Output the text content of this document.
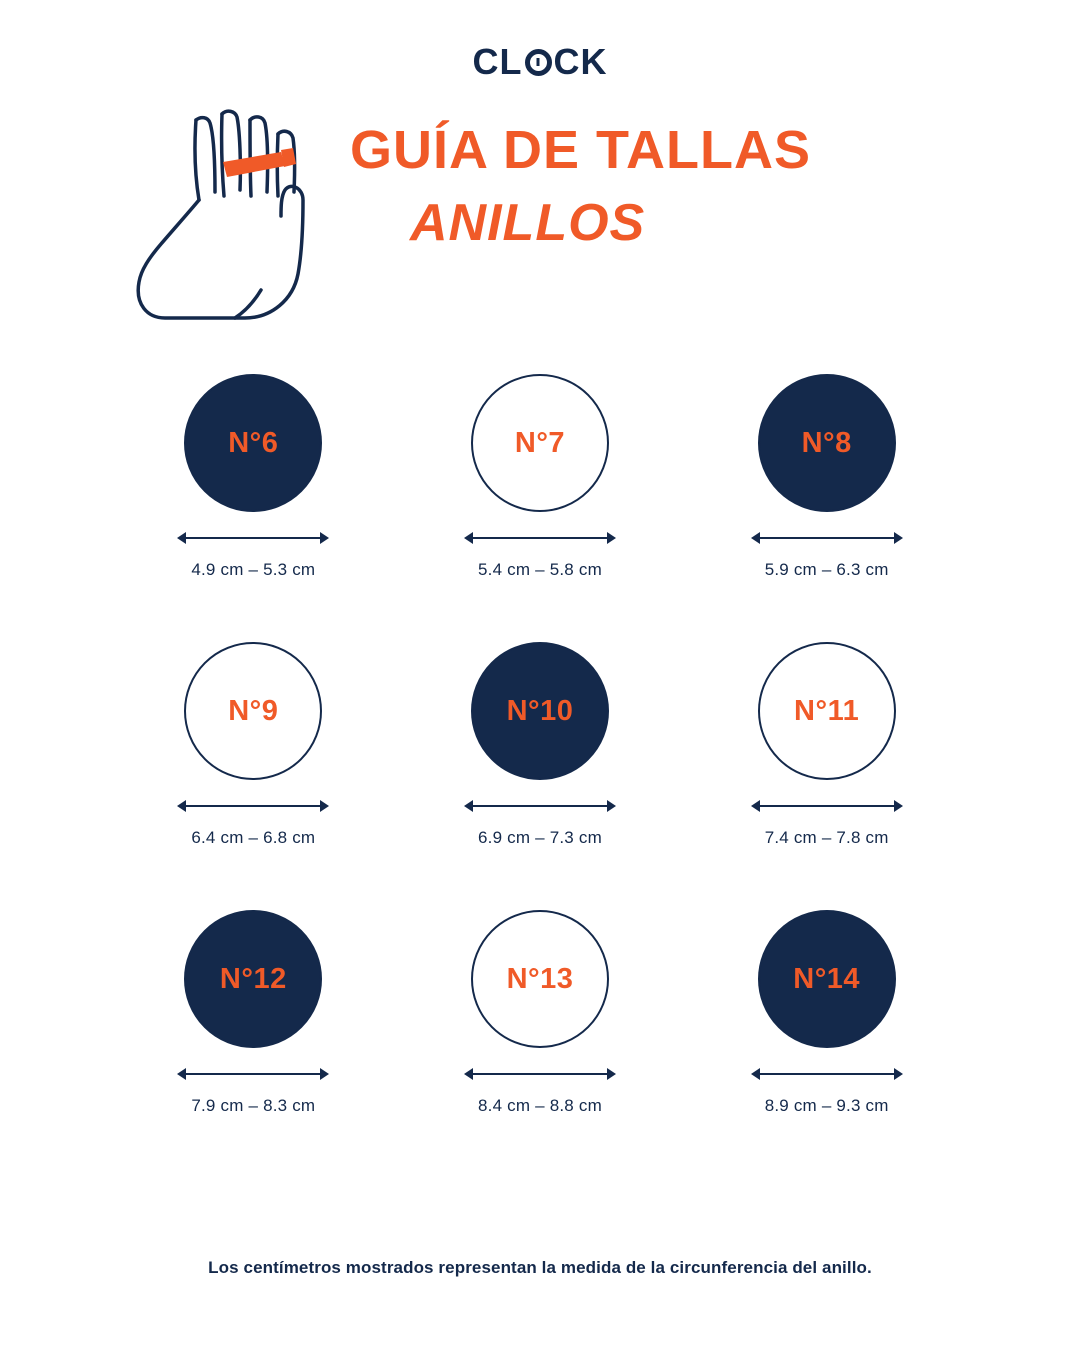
CL CK
GUÍA DE TALLAS
ANILLOS
N°6
4.9 cm – 5.3 cm
N°7
5.4 cm – 5.8 cm
N°8
5.9 cm – 6.3 cm
N°9
6.4 cm – 6.8 cm
N°10
6.9 cm – 7.3 cm
N°11
7.4 cm – 7.8 cm
N°12
7.9 cm – 8.3 cm
N°13
8.4 cm – 8.8 cm
N°14
8.9 cm – 9.3 cm
Los centímetros mostrados representan la medida de la circunferencia del anillo.
